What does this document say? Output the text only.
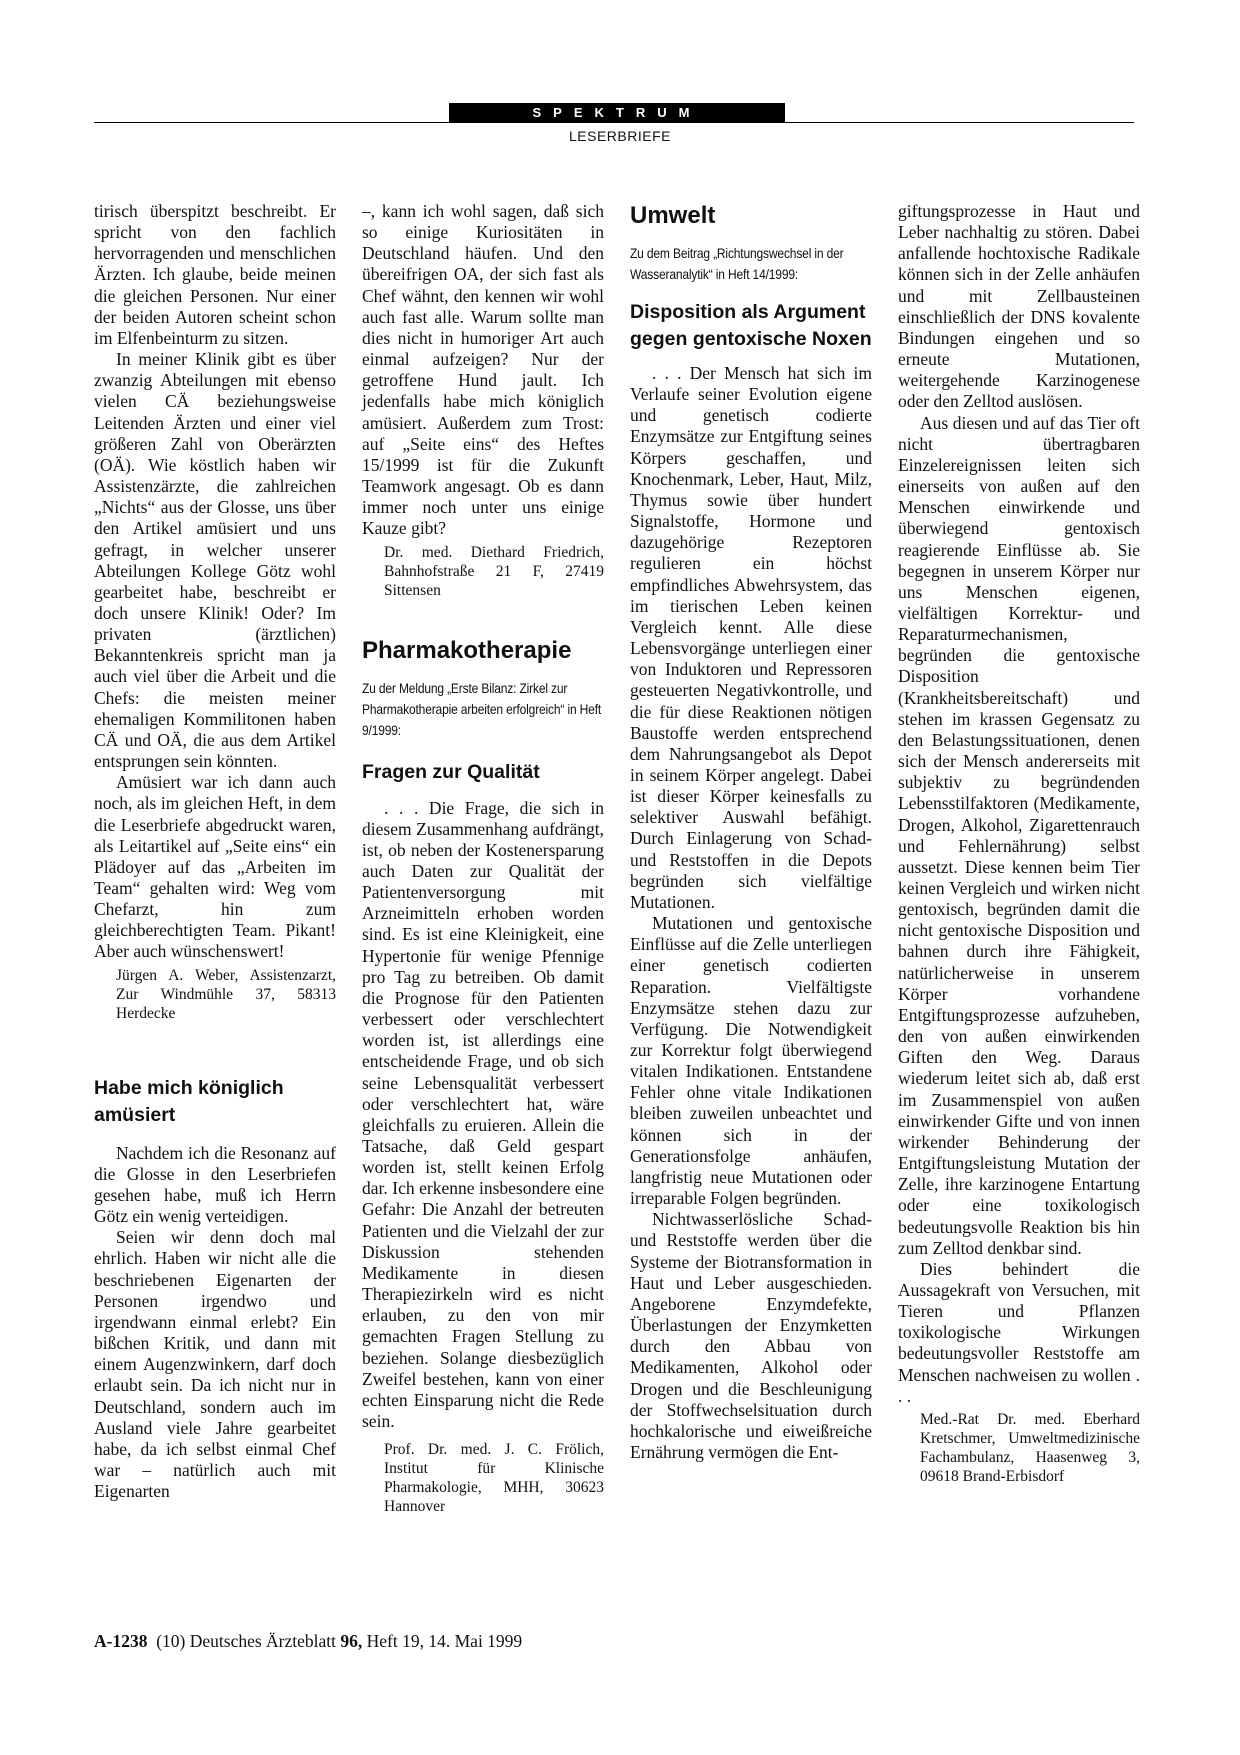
SPEKTRUM
LESERBRIEFE

tirisch überspitzt beschreibt. Er spricht von den fachlich hervorragenden und menschlichen Ärzten. Ich glaube, beide meinen die gleichen Personen. Nur einer der beiden Autoren scheint schon im Elfenbeinturm zu sitzen.

In meiner Klinik gibt es über zwanzig Abteilungen mit ebenso vielen CÄ beziehungsweise Leitenden Ärzten und einer viel größeren Zahl von Oberärzten (OÄ). Wie köstlich haben wir Assistenzärzte, die zahlreichen „Nichts“ aus der Glosse, uns über den Artikel amüsiert und uns gefragt, in welcher unserer Abteilungen Kollege Götz wohl gearbeitet habe, beschreibt er doch unsere Klinik! Oder? Im privaten (ärztlichen) Bekanntenkreis spricht man ja auch viel über die Arbeit und die Chefs: die meisten meiner ehemaligen Kommilitonen haben CÄ und OÄ, die aus dem Artikel entsprungen sein könnten.

Amüsiert war ich dann auch noch, als im gleichen Heft, in dem die Leserbriefe abgedruckt waren, als Leitartikel auf „Seite eins“ ein Plädoyer auf das „Arbeiten im Team“ gehalten wird: Weg vom Chefarzt, hin zum gleichberechtigten Team. Pikant! Aber auch wünschenswert!

Jürgen A. Weber, Assistenzarzt, Zur Windmühle 37, 58313 Herdecke

Habe mich königlich amüsiert

Nachdem ich die Resonanz auf die Glosse in den Leserbriefen gesehen habe, muß ich Herrn Götz ein wenig verteidigen.

Seien wir denn doch mal ehrlich. Haben wir nicht alle die beschriebenen Eigenarten der Personen irgendwo und irgendwann einmal erlebt? Ein bißchen Kritik, und dann mit einem Augenzwinkern, darf doch erlaubt sein. Da ich nicht nur in Deutschland, sondern auch im Ausland viele Jahre gearbeitet habe, da ich selbst einmal Chef war – natürlich auch mit Eigenarten

–, kann ich wohl sagen, daß sich so einige Kuriositäten in Deutschland häufen. Und den übereifrigen OA, der sich fast als Chef wähnt, den kennen wir wohl auch fast alle. Warum sollte man dies nicht in humoriger Art auch einmal aufzeigen? Nur der getroffene Hund jault. Ich jedenfalls habe mich königlich amüsiert. Außerdem zum Trost: auf „Seite eins“ des Heftes 15/1999 ist für die Zukunft Teamwork angesagt. Ob es dann immer noch unter uns einige Kauze gibt?

Dr. med. Diethard Friedrich, Bahnhofstraße 21 F, 27419 Sittensen

Pharmakotherapie

Zu der Meldung „Erste Bilanz: Zirkel zur Pharmakotherapie arbeiten erfolgreich“ in Heft 9/1999:

Fragen zur Qualität

. . . Die Frage, die sich in diesem Zusammenhang aufdrängt, ist, ob neben der Kostenersparung auch Daten zur Qualität der Patientenversorgung mit Arzneimitteln erhoben worden sind. Es ist eine Kleinigkeit, eine Hypertonie für wenige Pfennige pro Tag zu betreiben. Ob damit die Prognose für den Patienten verbessert oder verschlechtert worden ist, ist allerdings eine entscheidende Frage, und ob sich seine Lebensqualität verbessert oder verschlechtert hat, wäre gleichfalls zu eruieren. Allein die Tatsache, daß Geld gespart worden ist, stellt keinen Erfolg dar. Ich erkenne insbesondere eine Gefahr: Die Anzahl der betreuten Patienten und die Vielzahl der zur Diskussion stehenden Medikamente in diesen Therapiezirkeln wird es nicht erlauben, zu den von mir gemachten Fragen Stellung zu beziehen. Solange diesbezüglich Zweifel bestehen, kann von einer echten Einsparung nicht die Rede sein.

Prof. Dr. med. J. C. Frölich, Institut für Klinische Pharmakologie, MHH, 30623 Hannover

Umwelt

Zu dem Beitrag „Richtungswechsel in der Wasseranalytik“ in Heft 14/1999:

Disposition als Argument gegen gentoxische Noxen

. . . Der Mensch hat sich im Verlaufe seiner Evolution eigene und genetisch codierte Enzymsätze zur Entgiftung seines Körpers geschaffen, und Knochenmark, Leber, Haut, Milz, Thymus sowie über hundert Signalstoffe, Hormone und dazugehörige Rezeptoren regulieren ein höchst empfindliches Abwehrsystem, das im tierischen Leben keinen Vergleich kennt. Alle diese Lebensvorgänge unterliegen einer von Induktoren und Repressoren gesteuerten Negativkontrolle, und die für diese Reaktionen nötigen Baustoffe werden entsprechend dem Nahrungsangebot als Depot in seinem Körper angelegt. Dabei ist dieser Körper keinesfalls zu selektiver Auswahl befähigt. Durch Einlagerung von Schad- und Reststoffen in die Depots begründen sich vielfältige Mutationen.

Mutationen und gentoxische Einflüsse auf die Zelle unterliegen einer genetisch codierten Reparation. Vielfältigste Enzymsätze stehen dazu zur Verfügung. Die Notwendigkeit zur Korrektur folgt überwiegend vitalen Indikationen. Entstandene Fehler ohne vitale Indikationen bleiben zuweilen unbeachtet und können sich in der Generationsfolge anhäufen, langfristig neue Mutationen oder irreparable Folgen begründen.

Nichtwasserlösliche Schad- und Reststoffe werden über die Systeme der Biotransformation in Haut und Leber ausgeschieden. Angeborene Enzymdefekte, Überlastungen der Enzymketten durch den Abbau von Medikamenten, Alkohol oder Drogen und die Beschleunigung der Stoffwechselsituation durch hochkalorische und eiweißreiche Ernährung vermögen die Ent-

giftungsprozesse in Haut und Leber nachhaltig zu stören. Dabei anfallende hochtoxische Radikale können sich in der Zelle anhäufen und mit Zellbausteinen einschließlich der DNS kovalente Bindungen eingehen und so erneute Mutationen, weitergehende Karzinogenese oder den Zelltod auslösen.

Aus diesen und auf das Tier oft nicht übertragbaren Einzelereignissen leiten sich einerseits von außen auf den Menschen einwirkende und überwiegend gentoxisch reagierende Einflüsse ab. Sie begegnen in unserem Körper nur uns Menschen eigenen, vielfältigen Korrektur- und Reparaturmechanismen, begründen die gentoxische Disposition (Krankheitsbereitschaft) und stehen im krassen Gegensatz zu den Belastungssituationen, denen sich der Mensch andererseits mit subjektiv zu begründenden Lebensstilfaktoren (Medikamente, Drogen, Alkohol, Zigarettenrauch und Fehlernährung) selbst aussetzt. Diese kennen beim Tier keinen Vergleich und wirken nicht gentoxisch, begründen damit die nicht gentoxische Disposition und bahnen durch ihre Fähigkeit, natürlicherweise in unserem Körper vorhandene Entgiftungsprozesse aufzuheben, den von außen einwirkenden Giften den Weg. Daraus wiederum leitet sich ab, daß erst im Zusammenspiel von außen einwirkender Gifte und von innen wirkender Behinderung der Entgiftungsleistung Mutation der Zelle, ihre karzinogene Entartung oder eine toxikologisch bedeutungsvolle Reaktion bis hin zum Zelltod denkbar sind.

Dies behindert die Aussagekraft von Versuchen, mit Tieren und Pflanzen toxikologische Wirkungen bedeutungsvoller Reststoffe am Menschen nachweisen zu wollen . . .

Med.-Rat Dr. med. Eberhard Kretschmer, Umweltmedizinische Fachambulanz, Haasenweg 3, 09618 Brand-Erbisdorf

A-1238 (10) Deutsches Ärzteblatt 96, Heft 19, 14. Mai 1999
